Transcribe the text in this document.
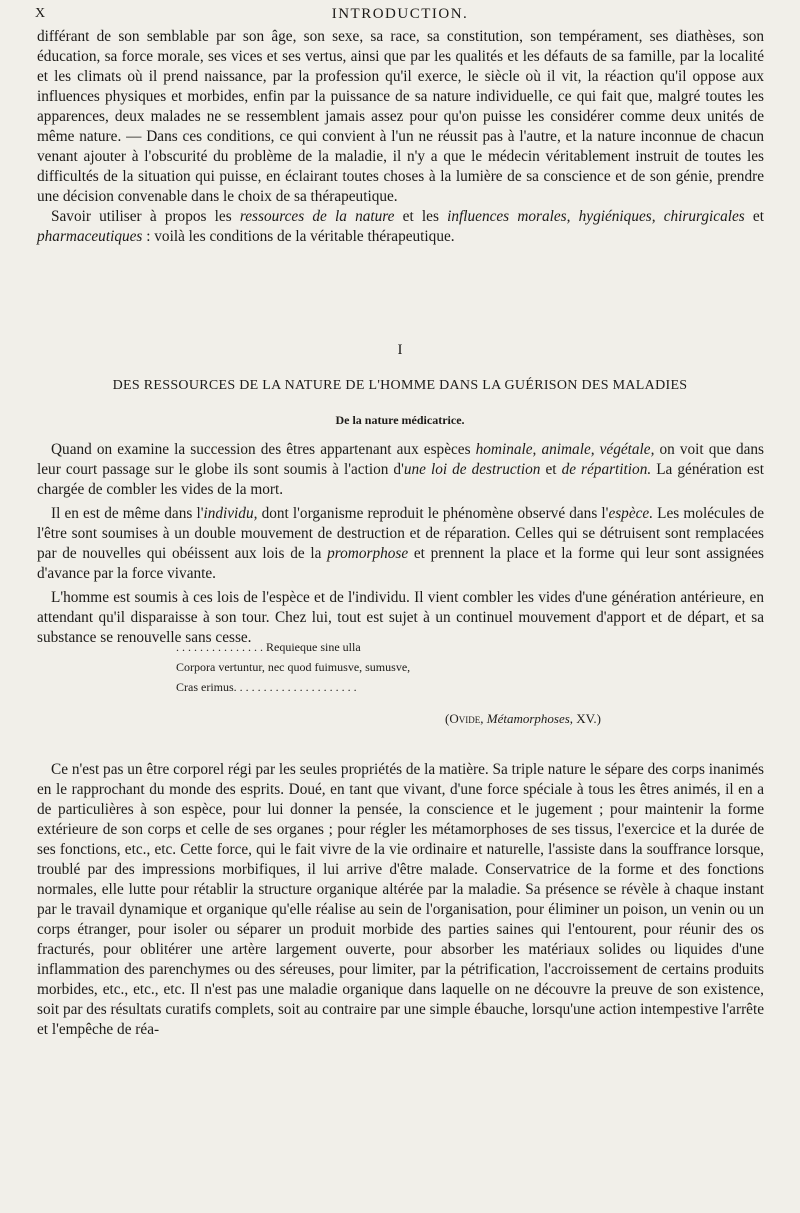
X	INTRODUCTION.

différant de son semblable par son âge, son sexe, sa race, sa constitution, son tempérament, ses diathèses, son éducation, sa force morale, ses vices et ses vertus, ainsi que par les qualités et les défauts de sa famille, par la localité et les climats où il prend naissance, par la profession qu'il exerce, le siècle où il vit, la réaction qu'il oppose aux influences physiques et morbides, enfin par la puissance de sa nature individuelle, ce qui fait que, malgré toutes les apparences, deux malades ne se ressemblent jamais assez pour qu'on puisse les considérer comme deux unités de même nature. — Dans ces conditions, ce qui convient à l'un ne réussit pas à l'autre, et la nature inconnue de chacun venant ajouter à l'obscurité du problème de la maladie, il n'y a que le médecin véritablement instruit de toutes les difficultés de la situation qui puisse, en éclairant toutes choses à la lumière de sa conscience et de son génie, prendre une décision convenable dans le choix de sa thérapeutique.

Savoir utiliser à propos les ressources de la nature et les influences morales, hygiéniques, chirurgicales et pharmaceutiques : voilà les conditions de la véritable thérapeutique.

I
DES RESSOURCES DE LA NATURE DE L'HOMME DANS LA GUÉRISON DES MALADIES
De la nature médicatrice.

Quand on examine la succession des êtres appartenant aux espèces hominale, animale, végétale, on voit que dans leur court passage sur le globe ils sont soumis à l'action d'une loi de destruction et de répartition. La génération est chargée de combler les vides de la mort.

Il en est de même dans l'individu, dont l'organisme reproduit le phénomène observé dans l'espèce. Les molécules de l'être sont soumises à un double mouvement de destruction et de réparation. Celles qui se détruisent sont remplacées par de nouvelles qui obéissent aux lois de la promorphose et prennent la place et la forme qui leur sont assignées d'avance par la force vivante.

L'homme est soumis à ces lois de l'espèce et de l'individu. Il vient combler les vides d'une génération antérieure, en attendant qu'il disparaisse à son tour. Chez lui, tout est sujet à un continuel mouvement d'apport et de départ, et sa substance se renouvelle sans cesse.

. . . . . . . . . . . . . . . Requieque sine ulla
Corpora vertuntur, nec quod fuimusve, sumusve,
Cras erimus. . . . . . . . . . . . . . . . . . . . .
(Ovide, Métamorphoses, XV.)

Ce n'est pas un être corporel régi par les seules propriétés de la matière. Sa triple nature le sépare des corps inanimés en le rapprochant du monde des esprits. Doué, en tant que vivant, d'une force spéciale à tous les êtres animés, il en a de particulières à son espèce, pour lui donner la pensée, la conscience et le jugement ; pour maintenir la forme extérieure de son corps et celle de ses organes ; pour régler les métamorphoses de ses tissus, l'exercice et la durée de ses fonctions, etc., etc. Cette force, qui le fait vivre de la vie ordinaire et naturelle, l'assiste dans la souffrance lorsque, troublé par des impressions morbifiques, il lui arrive d'être malade. Conservatrice de la forme et des fonctions normales, elle lutte pour rétablir la structure organique altérée par la maladie. Sa présence se révèle à chaque instant par le travail dynamique et organique qu'elle réalise au sein de l'organisation, pour éliminer un poison, un venin ou un corps étranger, pour isoler ou séparer un produit morbide des parties saines qui l'entourent, pour réunir des os fracturés, pour oblitérer une artère largement ouverte, pour absorber les matériaux solides ou liquides d'une inflammation des parenchymes ou des séreuses, pour limiter, par la pétrification, l'accroissement de certains produits morbides, etc., etc., etc. Il n'est pas une maladie organique dans laquelle on ne découvre la preuve de son existence, soit par des résultats curatifs complets, soit au contraire par une simple ébauche, lorsqu'une action intempestive l'arrête et l'empêche de réa-
